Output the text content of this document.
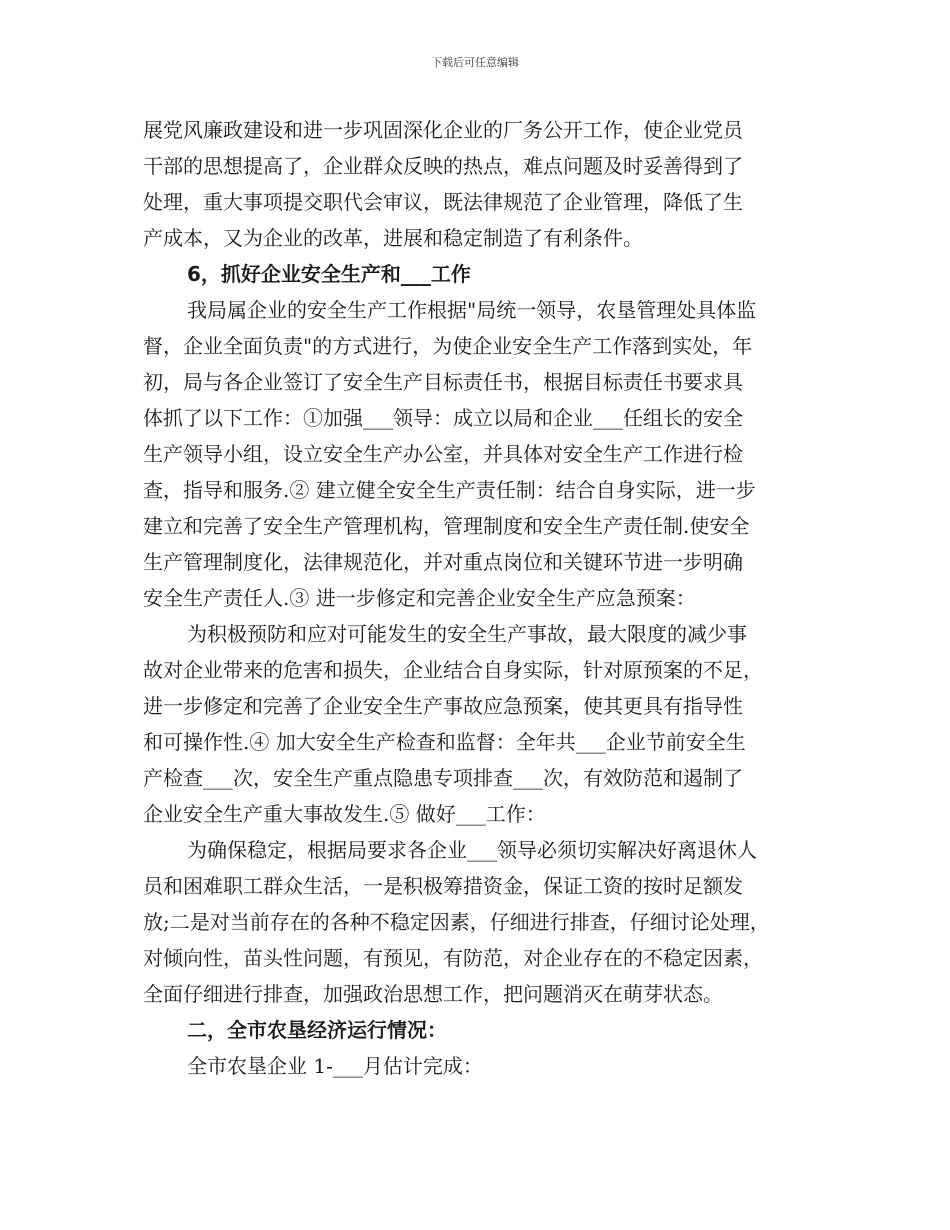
下载后可任意编辑
展党风廉政建设和进一步巩固深化企业的厂务公开工作，使企业党员
干部的思想提高了，企业群众反映的热点，难点问题及时妥善得到了
处理，重大事项提交职代会审议，既法律规范了企业管理，降低了生
产成本，又为企业的改革，进展和稳定制造了有利条件。
6，抓好企业安全生产和___工作
我局属企业的安全生产工作根据"局统一领导，农垦管理处具体监
督，企业全面负责"的方式进行，为使企业安全生产工作落到实处，年
初，局与各企业签订了安全生产目标责任书，根据目标责任书要求具
体抓了以下工作：①加强___领导：成立以局和企业___任组长的安全
生产领导小组，设立安全生产办公室，并具体对安全生产工作进行检
查，指导和服务.② 建立健全安全生产责任制：结合自身实际，进一步
建立和完善了安全生产管理机构，管理制度和安全生产责任制.使安全
生产管理制度化，法律规范化，并对重点岗位和关键环节进一步明确
安全生产责任人.③ 进一步修定和完善企业安全生产应急预案：
为积极预防和应对可能发生的安全生产事故，最大限度的减少事
故对企业带来的危害和损失，企业结合自身实际，针对原预案的不足，
进一步修定和完善了企业安全生产事故应急预案，使其更具有指导性
和可操作性.④ 加大安全生产检查和监督：全年共___企业节前安全生
产检查___次，安全生产重点隐患专项排查___次，有效防范和遏制了
企业安全生产重大事故发生.⑤ 做好___工作：
为确保稳定，根据局要求各企业___领导必须切实解决好离退休人
员和困难职工群众生活，一是积极筹措资金，保证工资的按时足额发
放;二是对当前存在的各种不稳定因素，仔细进行排查，仔细讨论处理，
对倾向性，苗头性问题，有预见，有防范，对企业存在的不稳定因素，
全面仔细进行排查，加强政治思想工作，把问题消灭在萌芽状态。
二，全市农垦经济运行情况：
全市农垦企业 1-___月估计完成：
